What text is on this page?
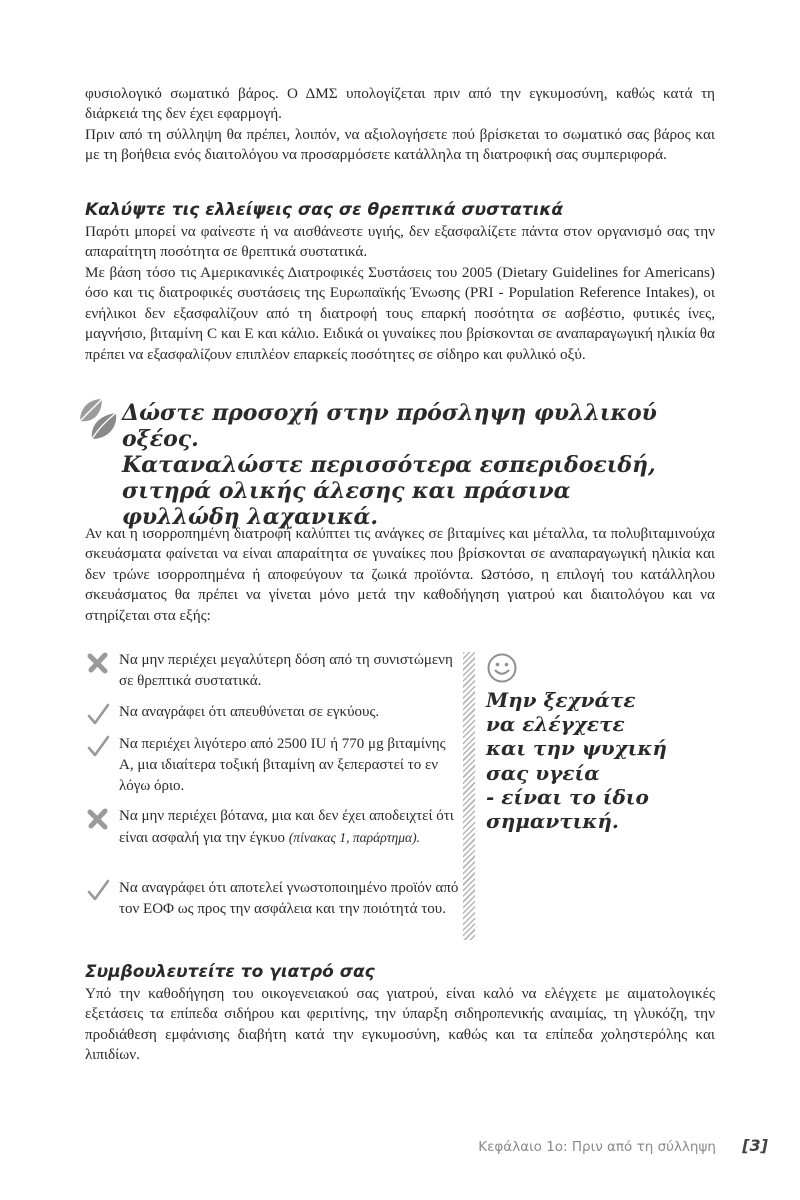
φυσιολογικό σωματικό βάρος. Ο ΔΜΣ υπολογίζεται πριν από την εγκυμοσύνη, καθώς κατά τη διάρκειά της δεν έχει εφαρμογή.

Πριν από τη σύλληψη θα πρέπει, λοιπόν, να αξιολογήσετε πού βρίσκεται το σωματικό σας βάρος και με τη βοήθεια ενός διαιτολόγου να προσαρμόσετε κατάλληλα τη διατροφική σας συμπεριφορά.

Καλύψτε τις ελλείψεις σας σε θρεπτικά συστατικά

Παρότι μπορεί να φαίνεστε ή να αισθάνεστε υγιής, δεν εξασφαλίζετε πάντα στον οργανισμό σας την απαραίτητη ποσότητα σε θρεπτικά συστατικά.

Με βάση τόσο τις Αμερικανικές Διατροφικές Συστάσεις του 2005 (Dietary Guidelines for Americans) όσο και τις διατροφικές συστάσεις της Ευρωπαϊκής Ένωσης (PRI - Population Reference Intakes), οι ενήλικοι δεν εξασφαλίζουν από τη διατροφή τους επαρκή ποσότητα σε ασβέστιο, φυτικές ίνες, μαγνήσιο, βιταμίνη C και E και κάλιο. Ειδικά οι γυναίκες που βρίσκονται σε αναπαραγωγική ηλικία θα πρέπει να εξασφαλίζουν επιπλέον επαρκείς ποσότητες σε σίδηρο και φυλλικό οξύ.

Δώστε προσοχή στην πρόσληψη φυλλικού οξέος.
Καταναλώστε περισσότερα εσπεριδοειδή,
σιτηρά ολικής άλεσης και πράσινα
φυλλώδη λαχανικά.

Αν και η ισορροπημένη διατροφή καλύπτει τις ανάγκες σε βιταμίνες και μέταλλα, τα πολυβιταμινούχα σκευάσματα φαίνεται να είναι απαραίτητα σε γυναίκες που βρίσκονται σε αναπαραγωγική ηλικία και δεν τρώνε ισορροπημένα ή αποφεύγουν τα ζωικά προϊόντα. Ωστόσο, η επιλογή του κατάλληλου σκευάσματος θα πρέπει να γίνεται μόνο μετά την καθοδήγηση γιατρού και διαιτολόγου και να στηρίζεται στα εξής:

Να μην περιέχει μεγαλύτερη δόση από τη συνιστώμενη σε θρεπτικά συστατικά.
Να αναγράφει ότι απευθύνεται σε εγκύους.
Να περιέχει λιγότερο από 2500 IU ή 770 μg βιταμίνης A, μια ιδιαίτερα τοξική βιταμίνη αν ξεπεραστεί το εν λόγω όριο.
Να μην περιέχει βότανα, μια και δεν έχει αποδειχτεί ότι είναι ασφαλή για την έγκυο (πίνακας 1, παράρτημα).
Να αναγράφει ότι αποτελεί γνωστοποιημένο προϊόν από τον ΕΟΦ ως προς την ασφάλεια και την ποιότητά του.
Μην ξεχνάτε
να ελέγχετε
και την ψυχική
σας υγεία
- είναι το ίδιο
σημαντική.
Συμβουλευτείτε το γιατρό σας

Υπό την καθοδήγηση του οικογενειακού σας γιατρού, είναι καλό να ελέγχετε με αιματολογικές εξετάσεις τα επίπεδα σιδήρου και φεριτίνης, την ύπαρξη σιδηροπενικής αναιμίας, τη γλυκόζη, την προδιάθεση εμφάνισης διαβήτη κατά την εγκυμοσύνη, καθώς και τα επίπεδα χοληστερόλης και λιπιδίων.

Κεφάλαιο 1ο: Πριν από τη σύλληψη [3]
